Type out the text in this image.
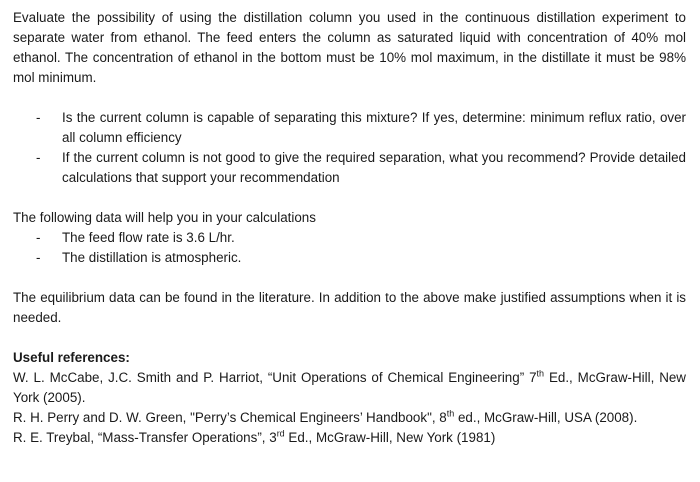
Evaluate the possibility of using the distillation column you used in the continuous distillation experiment to separate water from ethanol. The feed enters the column as saturated liquid with concentration of 40% mol ethanol. The concentration of ethanol in the bottom must be 10% mol maximum, in the distillate it must be 98% mol minimum.

- Is the current column is capable of separating this mixture? If yes, determine: minimum reflux ratio, over all column efficiency
- If the current column is not good to give the required separation, what you recommend? Provide detailed calculations that support your recommendation

The following data will help you in your calculations

- The feed flow rate is 3.6 L/hr.
- The distillation is atmospheric.

The equilibrium data can be found in the literature. In addition to the above make justified assumptions when it is needed.

Useful references:

W. L. McCabe, J.C. Smith and P. Harriot, “Unit Operations of Chemical Engineering” 7th Ed., McGraw-Hill, New York (2005).

R. H. Perry and D. W. Green, "Perry’s Chemical Engineers’ Handbook", 8th ed., McGraw-Hill, USA (2008).

R. E. Treybal, “Mass-Transfer Operations”, 3rd Ed., McGraw-Hill, New York (1981)
